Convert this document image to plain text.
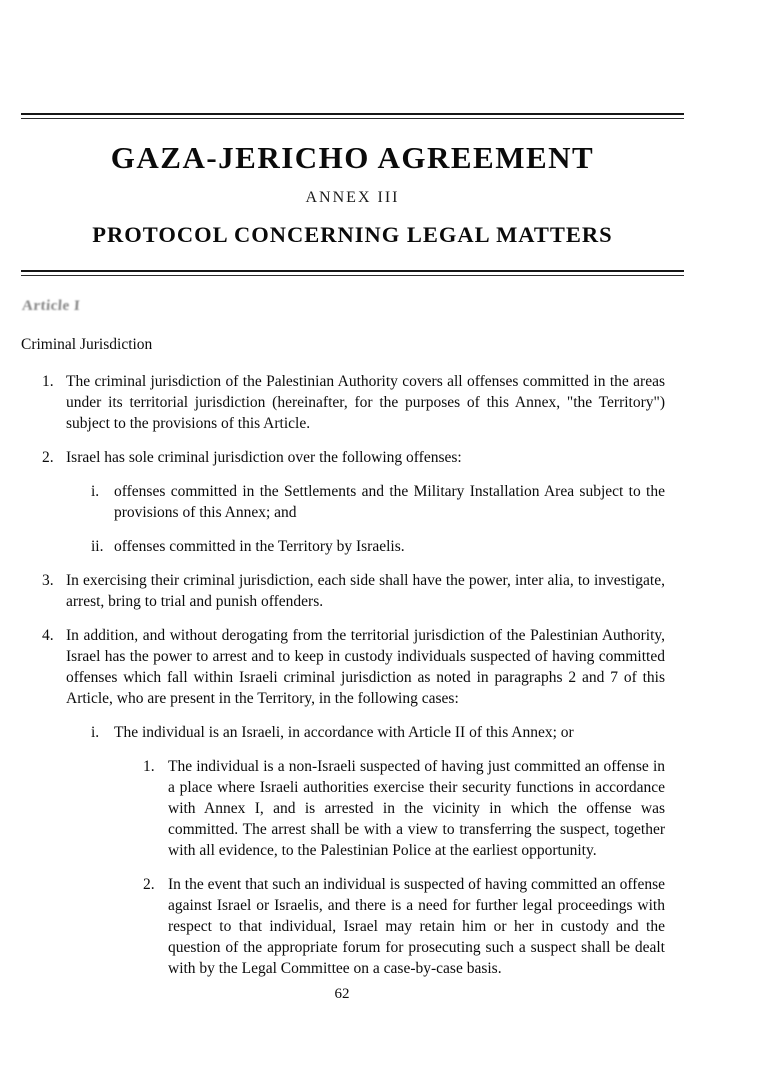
GAZA-JERICHO AGREEMENT
ANNEX III
PROTOCOL CONCERNING LEGAL MATTERS
Article I
Criminal Jurisdiction
1. The criminal jurisdiction of the Palestinian Authority covers all offenses committed in the areas under its territorial jurisdiction (hereinafter, for the purposes of this Annex, "the Territory") subject to the provisions of this Article.
2. Israel has sole criminal jurisdiction over the following offenses:
i. offenses committed in the Settlements and the Military Installation Area subject to the provisions of this Annex; and
ii. offenses committed in the Territory by Israelis.
3. In exercising their criminal jurisdiction, each side shall have the power, inter alia, to investigate, arrest, bring to trial and punish offenders.
4. In addition, and without derogating from the territorial jurisdiction of the Palestinian Authority, Israel has the power to arrest and to keep in custody individuals suspected of having committed offenses which fall within Israeli criminal jurisdiction as noted in paragraphs 2 and 7 of this Article, who are present in the Territory, in the following cases:
i. The individual is an Israeli, in accordance with Article II of this Annex; or
1. The individual is a non-Israeli suspected of having just committed an offense in a place where Israeli authorities exercise their security functions in accordance with Annex I, and is arrested in the vicinity in which the offense was committed. The arrest shall be with a view to transferring the suspect, together with all evidence, to the Palestinian Police at the earliest opportunity.
2. In the event that such an individual is suspected of having committed an offense against Israel or Israelis, and there is a need for further legal proceedings with respect to that individual, Israel may retain him or her in custody and the question of the appropriate forum for prosecuting such a suspect shall be dealt with by the Legal Committee on a case-by-case basis.
62
